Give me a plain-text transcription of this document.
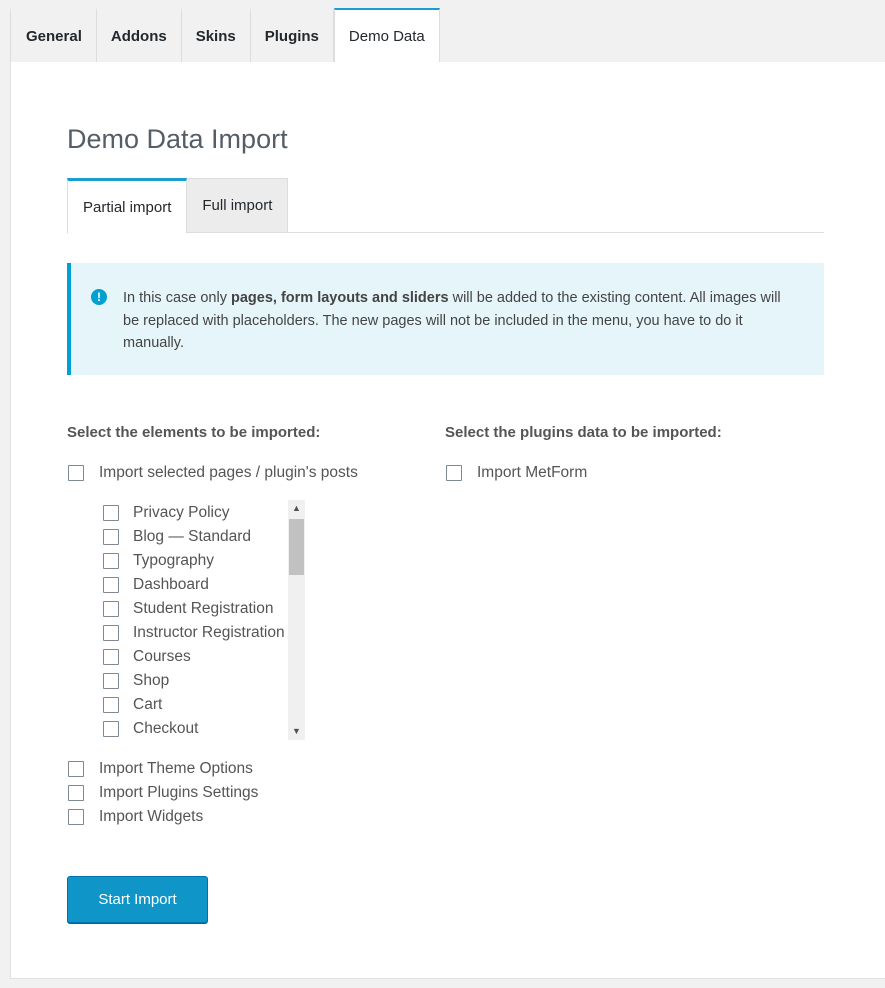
General	Addons	Skins	Plugins	Demo Data
Demo Data Import
Partial import	Full import
!	In this case only pages, form layouts and sliders will be added to the existing content. All images will be replaced with placeholders. The new pages will not be included in the menu, you have to do it manually.
Select the elements to be imported:
Import selected pages / plugin's posts
Privacy Policy
Blog — Standard
Typography
Dashboard
Student Registration
Instructor Registration
Courses
Shop
Cart
Checkout
▲
▼
Import Theme Options
Import Plugins Settings
Import Widgets
Select the plugins data to be imported:
Import MetForm
Start Import
